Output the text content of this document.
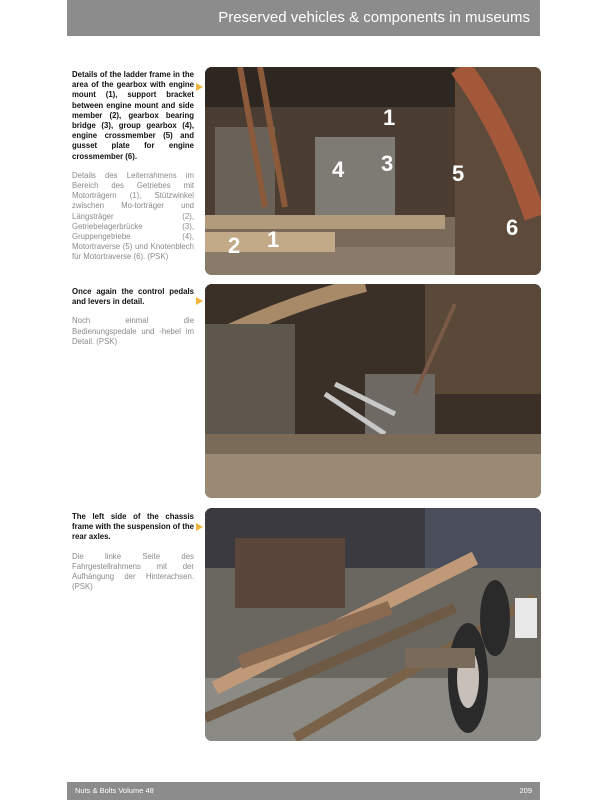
Preserved vehicles & components in museums
Details of the ladder frame in the area of the gearbox with engine mount (1), support bracket between engine mount and side member (2), gearbox bearing bridge (3), group gearbox (4), engine crossmember (5) and gusset plate for engine crossmember (6).
Details des Leiterrahmens im Bereich des Getriebes mit Motorträgern (1), Stützwinkel zwischen Mo-torträger und Längsträger (2), Getriebelagerbrücke (3), Gruppengetriebe (4), Motortraverse (5) und Knotenblech für Motortraverse (6). (PSK)
1
1
2
3
4	5
6
Once again the control pedals and levers in detail.
Noch einmal die Bedienungspedale und -hebel im Detail. (PSK)
The left side of the chassis frame with the suspension of the rear axles.
Die linke Seite des Fahrgestellrahmens mit der Aufhängung der Hinterachsen. (PSK)
Nuts & Bolts Volume 48	209
